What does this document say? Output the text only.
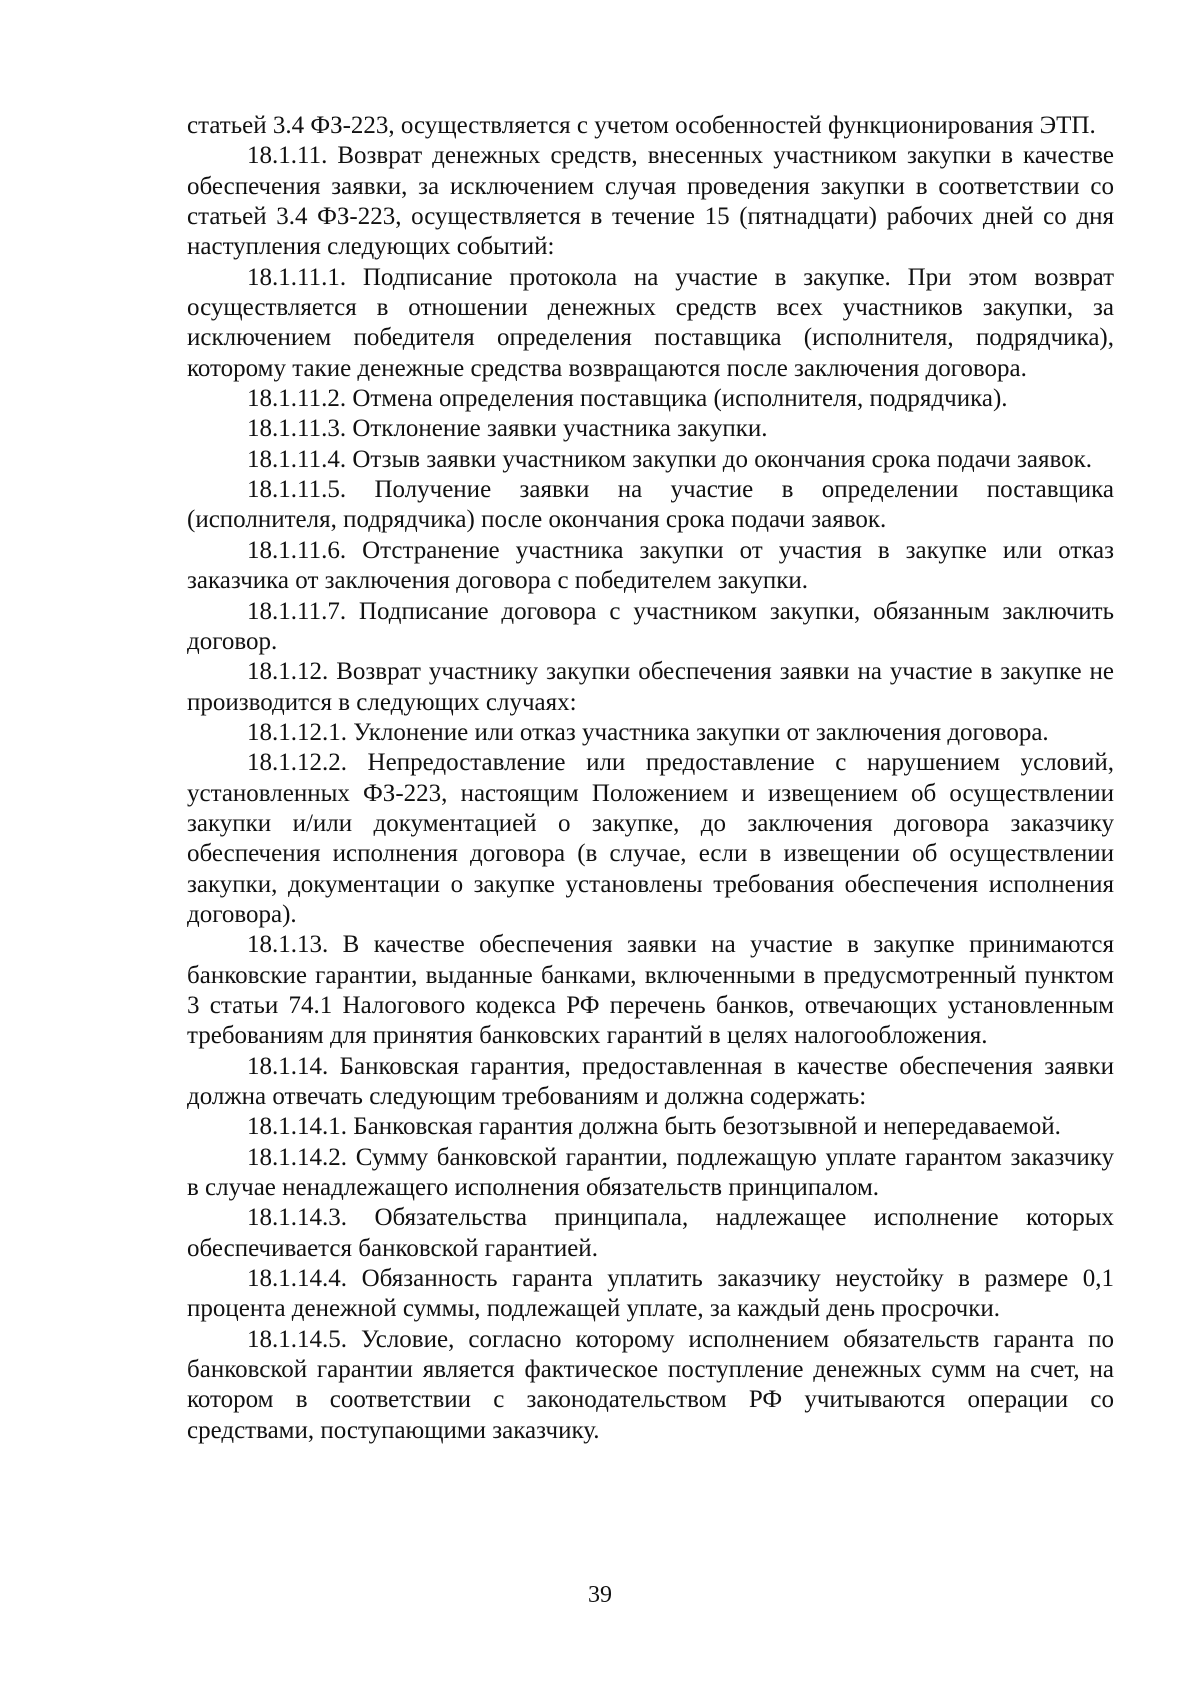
статьей 3.4 ФЗ-223, осуществляется с учетом особенностей функционирования ЭТП.

18.1.11. Возврат денежных средств, внесенных участником закупки в качестве обеспечения заявки, за исключением случая проведения закупки в соответствии со статьей 3.4 ФЗ-223, осуществляется в течение 15 (пятнадцати) рабочих дней со дня наступления следующих событий:

18.1.11.1. Подписание протокола на участие в закупке. При этом возврат осуществляется в отношении денежных средств всех участников закупки, за исключением победителя определения поставщика (исполнителя, подрядчика), которому такие денежные средства возвращаются после заключения договора.

18.1.11.2. Отмена определения поставщика (исполнителя, подрядчика).

18.1.11.3. Отклонение заявки участника закупки.

18.1.11.4. Отзыв заявки участником закупки до окончания срока подачи заявок.

18.1.11.5. Получение заявки на участие в определении поставщика (исполнителя, подрядчика) после окончания срока подачи заявок.

18.1.11.6. Отстранение участника закупки от участия в закупке или отказ заказчика от заключения договора с победителем закупки.

18.1.11.7. Подписание договора с участником закупки, обязанным заключить договор.

18.1.12. Возврат участнику закупки обеспечения заявки на участие в закупке не производится в следующих случаях:

18.1.12.1. Уклонение или отказ участника закупки от заключения договора.

18.1.12.2. Непредоставление или предоставление с нарушением условий, установленных ФЗ-223, настоящим Положением и извещением об осуществлении закупки и/или документацией о закупке, до заключения договора заказчику обеспечения исполнения договора (в случае, если в извещении об осуществлении закупки, документации о закупке установлены требования обеспечения исполнения договора).

18.1.13. В качестве обеспечения заявки на участие в закупке принимаются банковские гарантии, выданные банками, включенными в предусмотренный пунктом 3 статьи 74.1 Налогового кодекса РФ перечень банков, отвечающих установленным требованиям для принятия банковских гарантий в целях налогообложения.

18.1.14. Банковская гарантия, предоставленная в качестве обеспечения заявки должна отвечать следующим требованиям и должна содержать:

18.1.14.1. Банковская гарантия должна быть безотзывной и непередаваемой.

18.1.14.2. Сумму банковской гарантии, подлежащую уплате гарантом заказчику в случае ненадлежащего исполнения обязательств принципалом.

18.1.14.3. Обязательства принципала, надлежащее исполнение которых обеспечивается банковской гарантией.

18.1.14.4. Обязанность гаранта уплатить заказчику неустойку в размере 0,1 процента денежной суммы, подлежащей уплате, за каждый день просрочки.

18.1.14.5. Условие, согласно которому исполнением обязательств гаранта по банковской гарантии является фактическое поступление денежных сумм на счет, на котором в соответствии с законодательством РФ учитываются операции со средствами, поступающими заказчику.

39
